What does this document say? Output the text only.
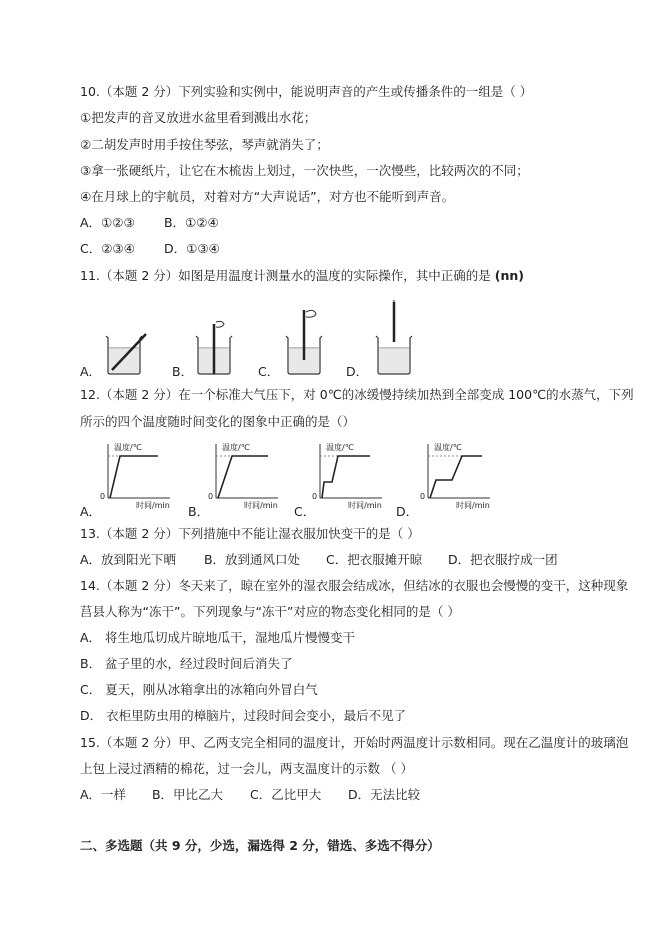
10.（本题 2 分）下列实验和实例中，能说明声音的产生或传播条件的一组是（ ）
①把发声的音叉放进水盆里看到溅出水花；
②二胡发声时用手按住琴弦，琴声就消失了；
③拿一张硬纸片，让它在木梳齿上划过，一次快些，一次慢些，比较两次的不同；
④在月球上的宇航员，对着对方“大声说话”，对方也不能听到声音。
A．①②③ B．①②④
C．②③④ D．①③④
11.（本题 2 分）如图是用温度计测量水的温度的实际操作，其中正确的是 (nn)
A．	B．	C．	D．
12.（本题 2 分）在一个标准大气压下，对 0℃的冰缓慢持续加热到全部变成 100℃的水蒸气，下列
所示的四个温度随时间变化的图象中正确的是（）
A．	B．	C．	D．
温度/℃
时间/min
0
温度/℃
时间/min
0
温度/℃
时间/min
0
温度/℃
时间/min
0
13.（本题 2 分）下列措施中不能让湿衣服加快变干的是（ ）
A．放到阳光下晒 B．放到通风口处 C．把衣服摊开晾 D．把衣服拧成一团
14.（本题 2 分）冬天来了，晾在室外的湿衣服会结成冰，但结冰的衣服也会慢慢的变干，这种现象
莒县人称为“冻干”。下列现象与“冻干”对应的物态变化相同的是（ ）
A． 将生地瓜切成片晾地瓜干，湿地瓜片慢慢变干
B． 盆子里的水，经过段时间后消失了
C． 夏天，刚从冰箱拿出的冰箱向外冒白气
D． 衣柜里防虫用的樟脑片，过段时间会变小，最后不见了
15.（本题 2 分）甲、乙两支完全相同的温度计，开始时两温度计示数相同。现在乙温度计的玻璃泡
上包上浸过酒精的棉花，过一会儿，两支温度计的示数 （ ）
A．一样 B．甲比乙大 C．乙比甲大 D．无法比较
二、多选题（共 9 分，少选，漏选得 2 分，错选、多选不得分）
